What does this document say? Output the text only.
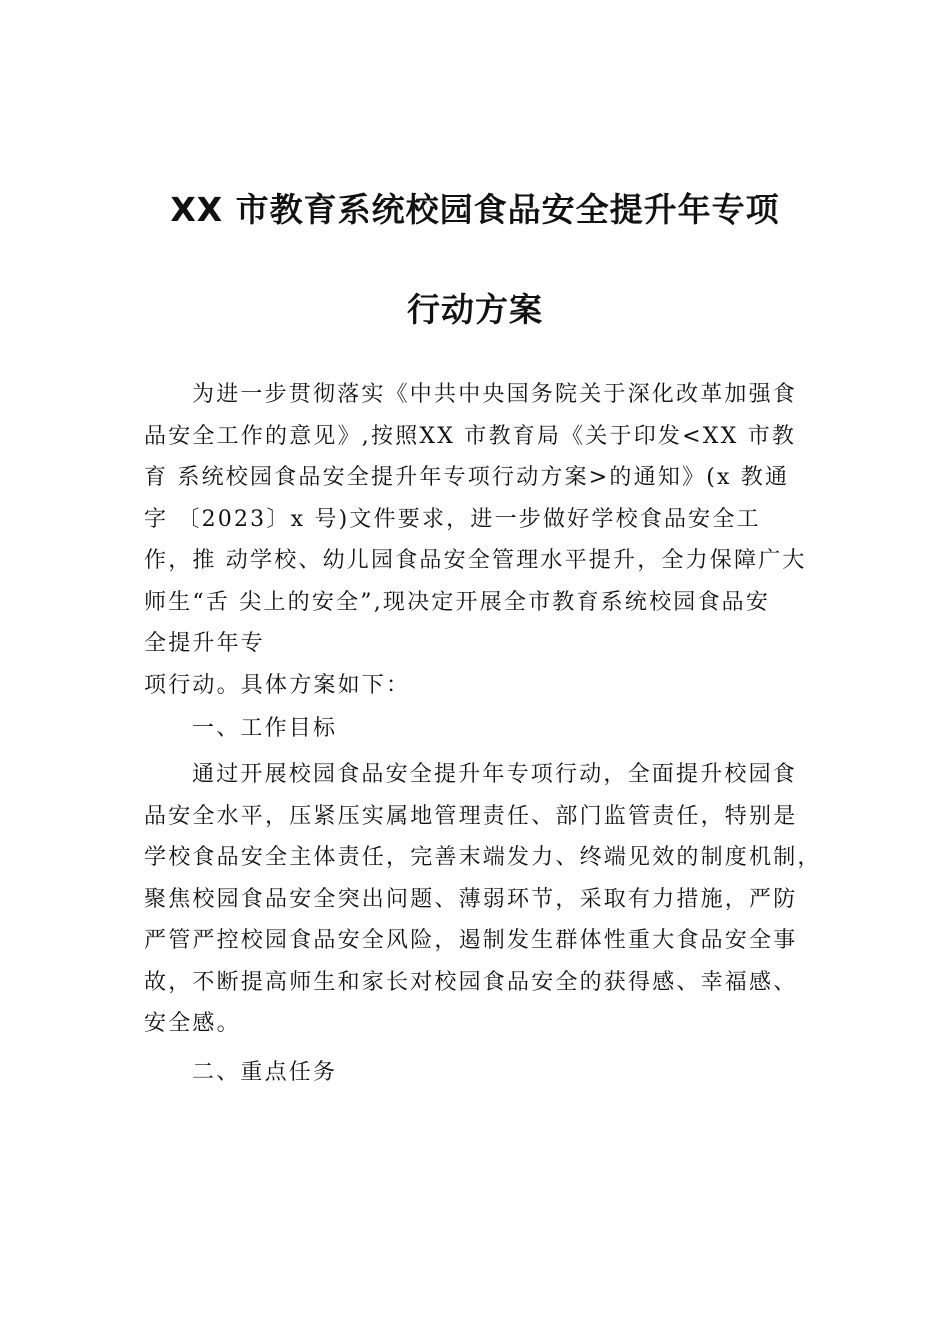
XX 市教育系统校园食品安全提升年专项
行动方案
为进一步贯彻落实《中共中央国务院关于深化改革加强食
品安全工作的意见》,按照XX 市教育局《关于印发<XX 市教
育 系统校园食品安全提升年专项行动方案>的通知》(x 教通
字 〔2023〕x 号)文件要求，进一步做好学校食品安全工
作，推 动学校、幼儿园食品安全管理水平提升，全力保障广大
师生“舌 尖上的安全”,现决定开展全市教育系统校园食品安
全提升年专
项行动。具体方案如下：
一、工作目标
通过开展校园食品安全提升年专项行动，全面提升校园食
品安全水平，压紧压实属地管理责任、部门监管责任，特别是
学校食品安全主体责任，完善末端发力、终端见效的制度机制，
聚焦校园食品安全突出问题、薄弱环节，采取有力措施，严防
严管严控校园食品安全风险，遏制发生群体性重大食品安全事
故，不断提高师生和家长对校园食品安全的获得感、幸福感、
安全感。
二、重点任务
